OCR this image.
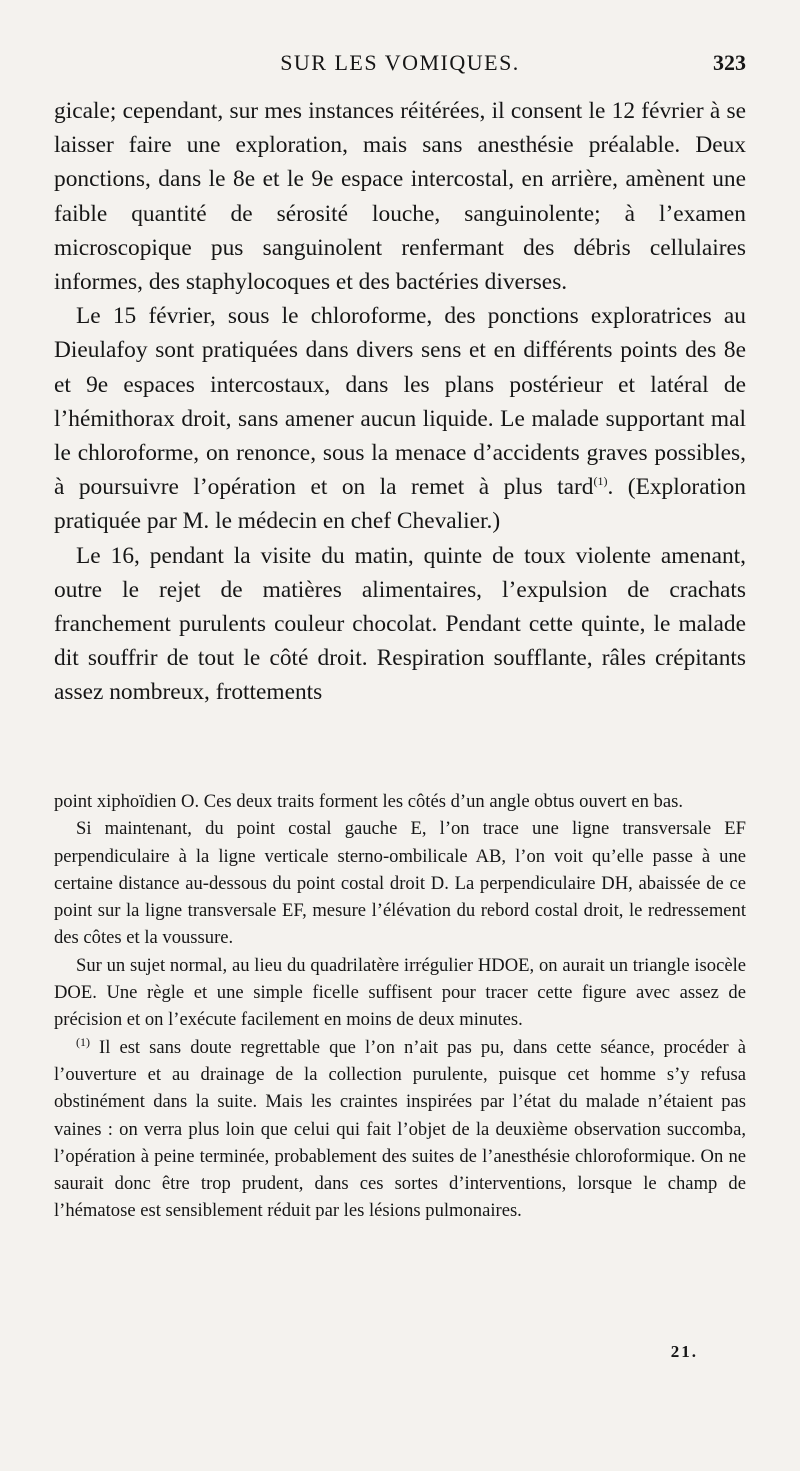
SUR LES VOMIQUES.	323

gicale; cependant, sur mes instances réitérées, il consent le 12 février à se laisser faire une exploration, mais sans anesthésie préalable. Deux ponctions, dans le 8e et le 9e espace intercostal, en arrière, amènent une faible quantité de sérosité louche, sanguinolente; à l’examen microscopique pus sanguinolent renfermant des débris cellulaires informes, des staphylocoques et des bactéries diverses.

Le 15 février, sous le chloroforme, des ponctions exploratrices au Dieulafoy sont pratiquées dans divers sens et en différents points des 8e et 9e espaces intercostaux, dans les plans postérieur et latéral de l’hémithorax droit, sans amener aucun liquide. Le malade supportant mal le chloroforme, on renonce, sous la menace d’accidents graves possibles, à poursuivre l’opération et on la remet à plus tard$^{(1)}$. (Exploration pratiquée par M. le médecin en chef Chevalier.)

Le 16, pendant la visite du matin, quinte de toux violente amenant, outre le rejet de matières alimentaires, l’expulsion de crachats franchement purulents couleur chocolat. Pendant cette quinte, le malade dit souffrir de tout le côté droit. Respiration soufflante, râles crépitants assez nombreux, frottements

point xiphoïdien O. Ces deux traits forment les côtés d’un angle obtus ouvert en bas.

Si maintenant, du point costal gauche E, l’on trace une ligne transversale EF perpendiculaire à la ligne verticale sterno-ombilicale AB, l’on voit qu’elle passe à une certaine distance au-dessous du point costal droit D. La perpendiculaire DH, abaissée de ce point sur la ligne transversale EF, mesure l’élévation du rebord costal droit, le redressement des côtes et la voussure.

Sur un sujet normal, au lieu du quadrilatère irrégulier HDOE, on aurait un triangle isocèle DOE. Une règle et une simple ficelle suffisent pour tracer cette figure avec assez de précision et on l’exécute facilement en moins de deux minutes.

$^{(1)}$ Il est sans doute regrettable que l’on n’ait pas pu, dans cette séance, procéder à l’ouverture et au drainage de la collection purulente, puisque cet homme s’y refusa obstinément dans la suite. Mais les craintes inspirées par l’état du malade n’étaient pas vaines : on verra plus loin que celui qui fait l’objet de la deuxième observation succomba, l’opération à peine terminée, probablement des suites de l’anesthésie chloroformique. On ne saurait donc être trop prudent, dans ces sortes d’interventions, lorsque le champ de l’hématose est sensiblement réduit par les lésions pulmonaires.

21.
